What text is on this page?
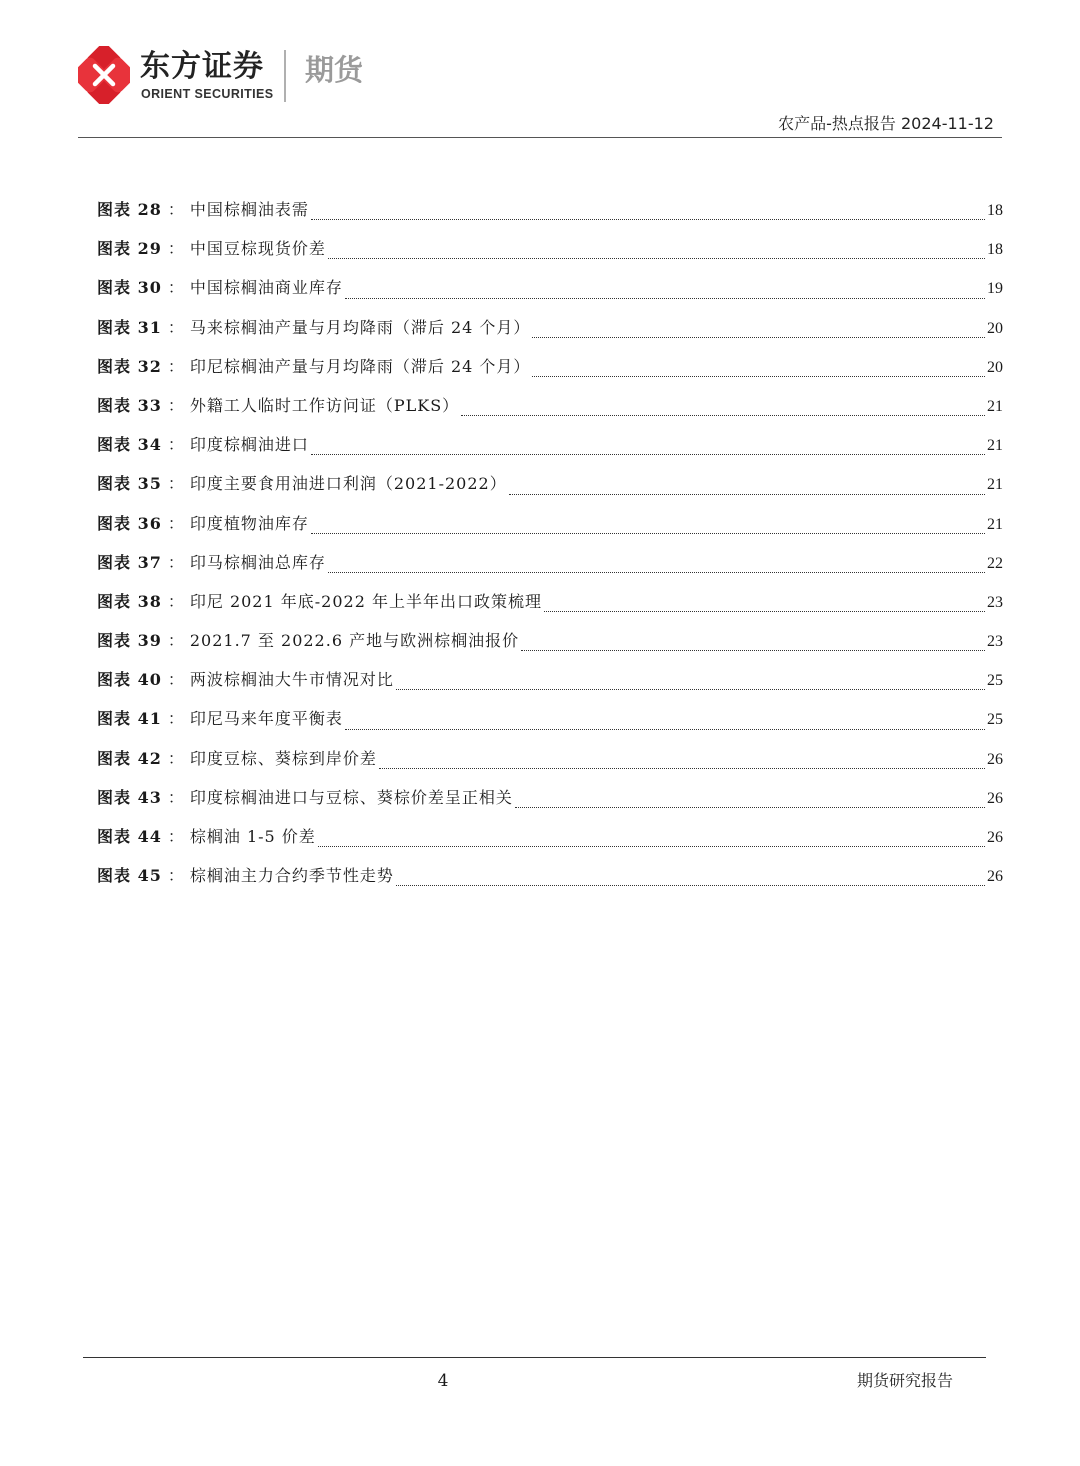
东方证券
ORIENT SECURITIES
期货
农产品-热点报告 2024-11-12
图表 28 ： 中国棕榈油表需	18
图表 29 ： 中国豆棕现货价差	18
图表 30 ： 中国棕榈油商业库存	19
图表 31 ： 马来棕榈油产量与月均降雨（滞后 24 个月）	20
图表 32 ： 印尼棕榈油产量与月均降雨（滞后 24 个月）	20
图表 33 ： 外籍工人临时工作访问证（PLKS）	21
图表 34 ： 印度棕榈油进口	21
图表 35 ： 印度主要食用油进口利润（2021-2022）	21
图表 36 ： 印度植物油库存	21
图表 37 ： 印马棕榈油总库存	22
图表 38 ： 印尼 2021 年底-2022 年上半年出口政策梳理	23
图表 39 ： 2021.7 至 2022.6 产地与欧洲棕榈油报价	23
图表 40 ： 两波棕榈油大牛市情况对比	25
图表 41 ： 印尼马来年度平衡表	25
图表 42 ： 印度豆棕、葵棕到岸价差	26
图表 43 ： 印度棕榈油进口与豆棕、葵棕价差呈正相关	26
图表 44 ： 棕榈油 1-5 价差	26
图表 45 ： 棕榈油主力合约季节性走势	26
4	期货研究报告
